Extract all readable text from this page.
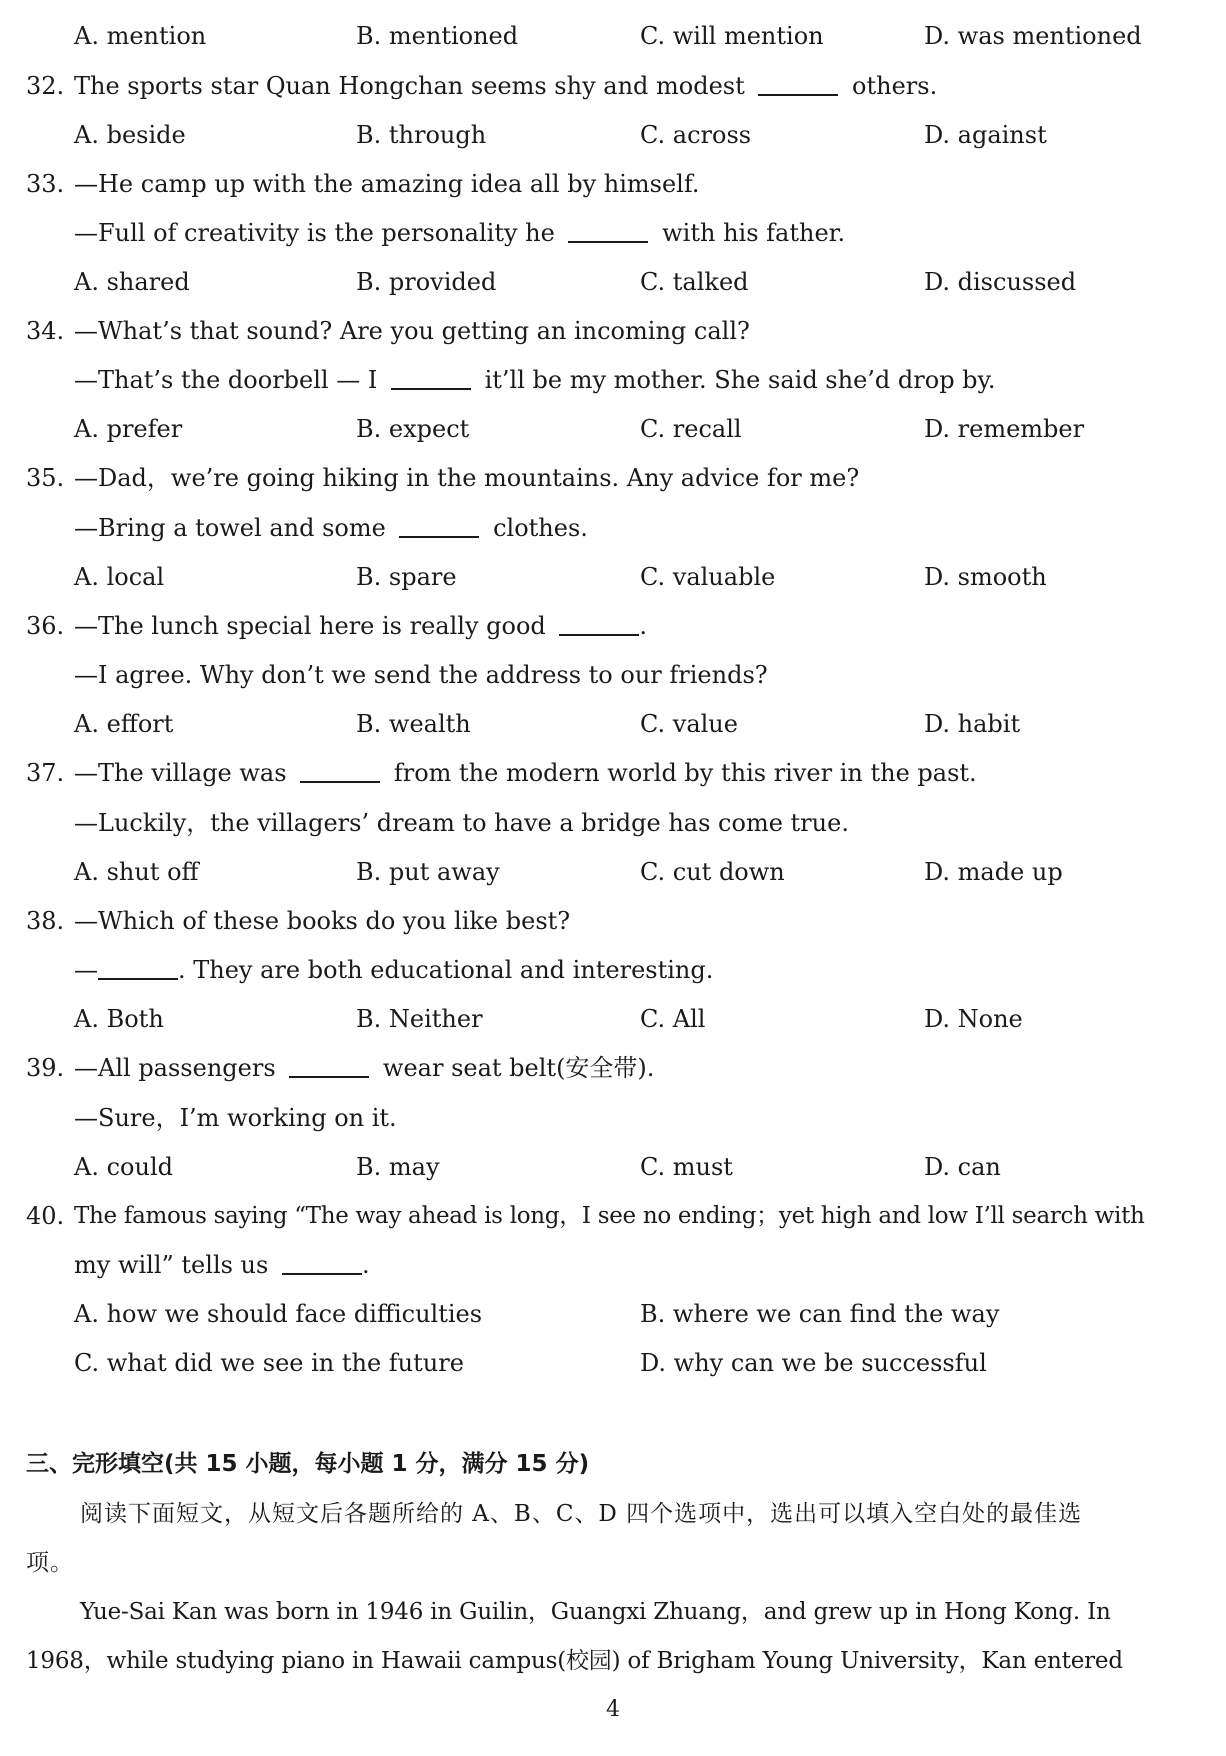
A. mention	B. mentioned	C. will mention	D. was mentioned
32. The sports star Quan Hongchan seems shy and modest	others.
A. beside	B. through	C. across	D. against
33. —He camp up with the amazing idea all by himself.
—Full of creativity is the personality he	with his father.
A. shared	B. provided	C. talked	D. discussed
34. —What’s that sound? Are you getting an incoming call?
—That’s the doorbell — I	it’ll be my mother. She said she’d drop by.
A. prefer	B. expect	C. recall	D. remember
35. —Dad，we’re going hiking in the mountains. Any advice for me?
—Bring a towel and some	clothes.
A. local	B. spare	C. valuable	D. smooth
36. —The lunch special here is really good	.
—I agree. Why don’t we send the address to our friends?
A. effort	B. wealth	C. value	D. habit
37. —The village was	from the modern world by this river in the past.
—Luckily，the villagers’ dream to have a bridge has come true.
A. shut off	B. put away	C. cut down	D. made up
38. —Which of these books do you like best?
—	. They are both educational and interesting.
A. Both	B. Neither	C. All	D. None
39. —All passengers	wear seat belt(安全带).
—Sure，I’m working on it.
A. could	B. may	C. must	D. can
40. The famous saying “The way ahead is long，I see no ending；yet high and low I’ll search with
my will” tells us	.
A. how we should face difficulties	B. where we can find the way
C. what did we see in the future	D. why can we be successful
三、完形填空(共 15 小题，每小题 1 分，满分 15 分)
阅读下面短文，从短文后各题所给的 A、B、C、D 四个选项中，选出可以填入空白处的最佳选
项。
Yue-Sai Kan was born in 1946 in Guilin，Guangxi Zhuang，and grew up in Hong Kong. In
1968，while studying piano in Hawaii campus(校园) of Brigham Young University，Kan entered
4
